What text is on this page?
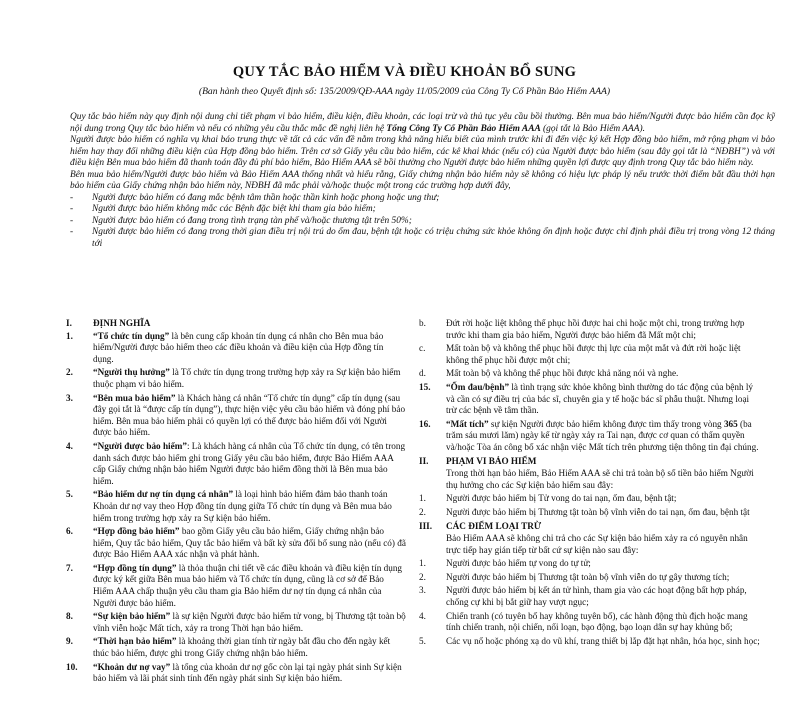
QUY TẮC BẢO HIỂM VÀ ĐIỀU KHOẢN BỔ SUNG
(Ban hành theo Quyết định số: 135/2009/QĐ-AAA ngày 11/05/2009 của Công Ty Cổ Phần Bảo Hiểm AAA)

Quy tắc bảo hiểm này quy định nội dung chi tiết phạm vi bảo hiểm, điều kiện, điều khoản, các loại trừ và thủ tục yêu cầu bồi thường. Bên mua bảo hiểm/Người được bảo hiểm cần đọc kỹ nội dung trong Quy tắc bảo hiểm và nếu có những yêu cầu thắc mắc đề nghị liên hệ Tổng Công Ty Cổ Phần Bảo Hiểm AAA (gọi tắt là Bảo Hiểm AAA).

Người được bảo hiểm có nghĩa vụ khai báo trung thực về tất cả các vấn đề nằm trong khả năng hiểu biết của mình trước khi đi đến việc ký kết Hợp đồng bảo hiểm, mở rộng phạm vi bảo hiểm hay thay đổi những điều kiện của Hợp đồng bảo hiểm. Trên cơ sở Giấy yêu cầu bảo hiểm, các kê khai khác (nếu có) của Người được bảo hiểm (sau đây gọi tắt là “NĐBH”) và với điều kiện Bên mua bảo hiểm đã thanh toán đầy đủ phí bảo hiểm, Bảo Hiểm AAA sẽ bồi thường cho Người được bảo hiểm những quyền lợi được quy định trong Quy tắc bảo hiểm này.

Bên mua bảo hiểm/Người được bảo hiểm và Bảo Hiểm AAA thống nhất và hiểu rằng, Giấy chứng nhận bảo hiểm này sẽ không có hiệu lực pháp lý nếu trước thời điểm bắt đầu thời hạn bảo hiểm của Giấy chứng nhận bảo hiểm này, NĐBH đã mắc phải và/hoặc thuộc một trong các trường hợp dưới đây,

- Người được bảo hiểm có đang mắc bệnh tâm thần hoặc thần kinh hoặc phong hoặc ung thư;
- Người được bảo hiểm không mắc các Bệnh đặc biệt khi tham gia bảo hiểm;
- Người được bảo hiểm có đang trong tình trạng tàn phế và/hoặc thương tật trên 50%;
- Người được bảo hiểm có đang trong thời gian điều trị nội trú do ốm đau, bệnh tật hoặc có triệu chứng sức khỏe không ổn định hoặc được chỉ định phải điều trị trong vòng 12 tháng tới
I.	ĐỊNH NGHĨA
1.	“Tổ chức tín dụng” là bên cung cấp khoản tín dụng cá nhân cho Bên mua bảo hiểm/Người được bảo hiểm theo các điều khoản và điều kiện của Hợp đồng tín dụng.
2.	“Người thụ hưởng” là Tổ chức tín dụng trong trường hợp xảy ra Sự kiện bảo hiểm thuộc phạm vi bảo hiểm.
3.	“Bên mua bảo hiểm” là Khách hàng cá nhân “Tổ chức tín dụng” cấp tín dụng (sau đây gọi tắt là “được cấp tín dụng”), thực hiện việc yêu cầu bảo hiểm và đóng phí bảo hiểm. Bên mua bảo hiểm phải có quyền lợi có thể được bảo hiểm đối với Người được bảo hiểm.
4.	“Người được bảo hiểm”: Là khách hàng cá nhân của Tổ chức tín dụng, có tên trong danh sách được bảo hiểm ghi trong Giấy yêu cầu bảo hiểm, được Bảo Hiểm AAA cấp Giấy chứng nhận bảo hiểm Người được bảo hiểm đồng thời là Bên mua bảo hiểm.
5.	“Bảo hiểm dư nợ tín dụng cá nhân” là loại hình bảo hiểm đảm bảo thanh toán Khoản dư nợ vay theo Hợp đồng tín dụng giữa Tổ chức tín dụng và Bên mua bảo hiểm trong trường hợp xảy ra Sự kiện bảo hiểm.
6.	“Hợp đồng bảo hiểm” bao gồm Giấy yêu cầu bảo hiểm, Giấy chứng nhận bảo hiểm, Quy tắc bảo hiểm, Quy tắc bảo hiểm và bất kỳ sửa đổi bổ sung nào (nếu có) đã được Bảo Hiểm AAA xác nhận và phát hành.
7.	“Hợp đồng tín dụng” là thỏa thuận chi tiết về các điều khoản và điều kiện tín dụng được ký kết giữa Bên mua bảo hiểm và Tổ chức tín dụng, cũng là cơ sở để Bảo Hiểm AAA chấp thuận yêu cầu tham gia Bảo hiểm dư nợ tín dụng cá nhân của Người được bảo hiểm.
8.	“Sự kiện bảo hiểm” là sự kiện Người được bảo hiểm tử vong, bị Thương tật toàn bộ vĩnh viễn hoặc Mất tích, xảy ra trong Thời hạn bảo hiểm.
9.	“Thời hạn bảo hiểm” là khoảng thời gian tính từ ngày bắt đầu cho đến ngày kết thúc bảo hiểm, được ghi trong Giấy chứng nhận bảo hiểm.
10.	“Khoản dư nợ vay” là tổng của khoản dư nợ gốc còn lại tại ngày phát sinh Sự kiện bảo hiểm và lãi phát sinh tính đến ngày phát sinh Sự kiện bảo hiểm.
b.	Đứt rời hoặc liệt không thể phục hồi được hai chi hoặc một chi, trong trường hợp trước khi tham gia bảo hiểm, Người được bảo hiểm đã Mất một chi;
c.	Mất toàn bộ và không thể phục hồi được thị lực của một mắt và đứt rời hoặc liệt không thể phục hồi được một chi;
d.	Mất toàn bộ và không thể phục hồi được khả năng nói và nghe.
15.	“Ốm đau/bệnh” là tình trạng sức khỏe không bình thường do tác động của bệnh lý và cần có sự điều trị của bác sĩ, chuyên gia y tế hoặc bác sĩ phẫu thuật. Nhưng loại trừ các bệnh về tâm thần.
16.	“Mất tích” sự kiện Người được bảo hiểm không được tìm thấy trong vòng 365 (ba trăm sáu mươi lăm) ngày kể từ ngày xảy ra Tai nạn, được cơ quan có thẩm quyền và/hoặc Tòa án công bố xác nhận việc Mất tích trên phương tiện thông tin đại chúng.
II.	PHẠM VI BẢO HIỂM
Trong thời hạn bảo hiểm, Bảo Hiểm AAA sẽ chi trả toàn bộ số tiền bảo hiểm Người thụ hưởng cho các Sự kiện bảo hiểm sau đây:
1.	Người được bảo hiểm bị Tử vong do tai nạn, ốm đau, bệnh tật;
2.	Người được bảo hiểm bị Thương tật toàn bộ vĩnh viễn do tai nạn, ốm đau, bệnh tật
III.	CÁC ĐIỂM LOẠI TRỪ
Bảo Hiểm AAA sẽ không chi trả cho các Sự kiện bảo hiểm xảy ra có nguyên nhân trực tiếp hay gián tiếp từ bất cứ sự kiện nào sau đây:
1.	Người được bảo hiểm tự vong do tự tử;
2.	Người được bảo hiểm bị Thương tật toàn bộ vĩnh viễn do tự gây thương tích;
3.	Người được bảo hiểm bị kết án tử hình, tham gia vào các hoạt động bất hợp pháp, chống cự khi bị bắt giữ hay vượt ngục;
4.	Chiến tranh (có tuyên bố hay không tuyên bố), các hành động thù địch hoặc mang tính chiến tranh, nội chiến, nổi loạn, bạo động, bạo loạn dân sự hay khủng bố;
5.	Các vụ nổ hoặc phóng xạ do vũ khí, trang thiết bị lắp đặt hạt nhân, hóa học, sinh học;
